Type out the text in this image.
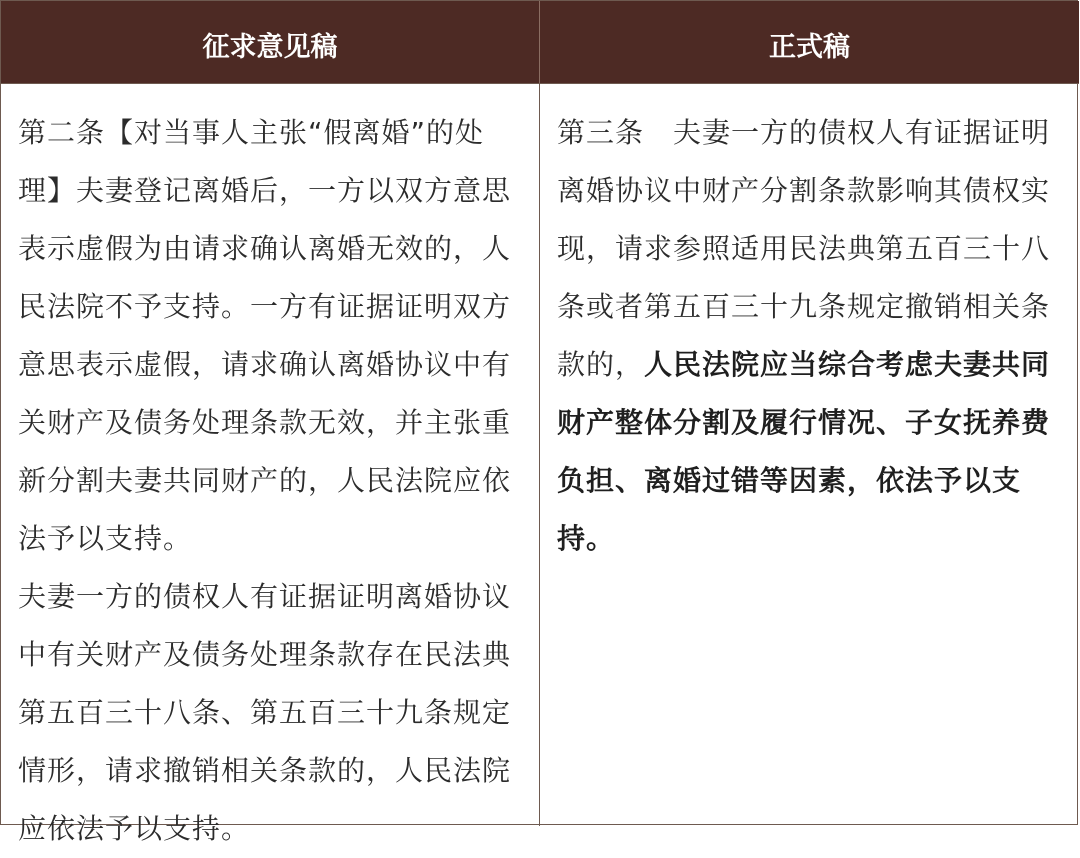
征求意见稿	正式稿

第二条【对当事人主张“假离婚”的处理】夫妻登记离婚后，一方以双方意思表示虚假为由请求确认离婚无效的，人民法院不予支持。一方有证据证明双方意思表示虚假，请求确认离婚协议中有关财产及债务处理条款无效，并主张重新分割夫妻共同财产的，人民法院应依法予以支持。

夫妻一方的债权人有证据证明离婚协议中有关财产及债务处理条款存在民法典第五百三十八条、第五百三十九条规定情形，请求撤销相关条款的，人民法院应依法予以支持。

第三条　夫妻一方的债权人有证据证明离婚协议中财产分割条款影响其债权实现，请求参照适用民法典第五百三十八条或者第五百三十九条规定撤销相关条款的，人民法院应当综合考虑夫妻共同财产整体分割及履行情况、子女抚养费负担、离婚过错等因素，依法予以支持。
